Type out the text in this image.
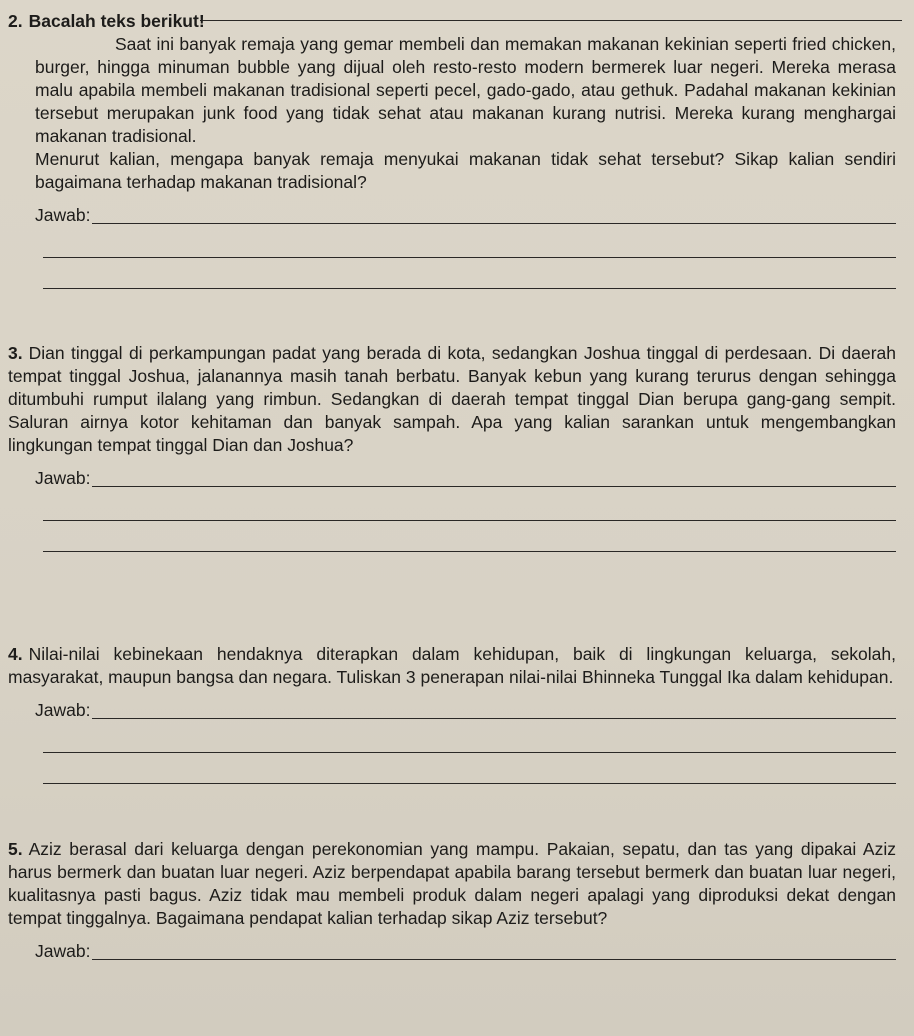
2. Bacalah teks berikut!

Saat ini banyak remaja yang gemar membeli dan memakan makanan kekinian seperti fried chicken, burger, hingga minuman bubble yang dijual oleh resto-resto modern bermerek luar negeri. Mereka merasa malu apabila membeli makanan tradisional seperti pecel, gado-gado, atau gethuk. Padahal makanan kekinian tersebut merupakan junk food yang tidak sehat atau makanan kurang nutrisi. Mereka kurang menghargai makanan tradisional.

Menurut kalian, mengapa banyak remaja menyukai makanan tidak sehat tersebut? Sikap kalian sendiri bagaimana terhadap makanan tradisional?

Jawab:

3. Dian tinggal di perkampungan padat yang berada di kota, sedangkan Joshua tinggal di perdesaan. Di daerah tempat tinggal Joshua, jalanannya masih tanah berbatu. Banyak kebun yang kurang terurus dengan sehingga ditumbuhi rumput ilalang yang rimbun. Sedangkan di daerah tempat tinggal Dian berupa gang-gang sempit. Saluran airnya kotor kehitaman dan banyak sampah. Apa yang kalian sarankan untuk mengembangkan lingkungan tempat tinggal Dian dan Joshua?

Jawab:

4. Nilai-nilai kebinekaan hendaknya diterapkan dalam kehidupan, baik di lingkungan keluarga, sekolah, masyarakat, maupun bangsa dan negara. Tuliskan 3 penerapan nilai-nilai Bhinneka Tunggal Ika dalam kehidupan.

Jawab:

5. Aziz berasal dari keluarga dengan perekonomian yang mampu. Pakaian, sepatu, dan tas yang dipakai Aziz harus bermerk dan buatan luar negeri. Aziz berpendapat apabila barang tersebut bermerk dan buatan luar negeri, kualitasnya pasti bagus. Aziz tidak mau membeli produk dalam negeri apalagi yang diproduksi dekat dengan tempat tinggalnya. Bagaimana pendapat kalian terhadap sikap Aziz tersebut?

Jawab:
